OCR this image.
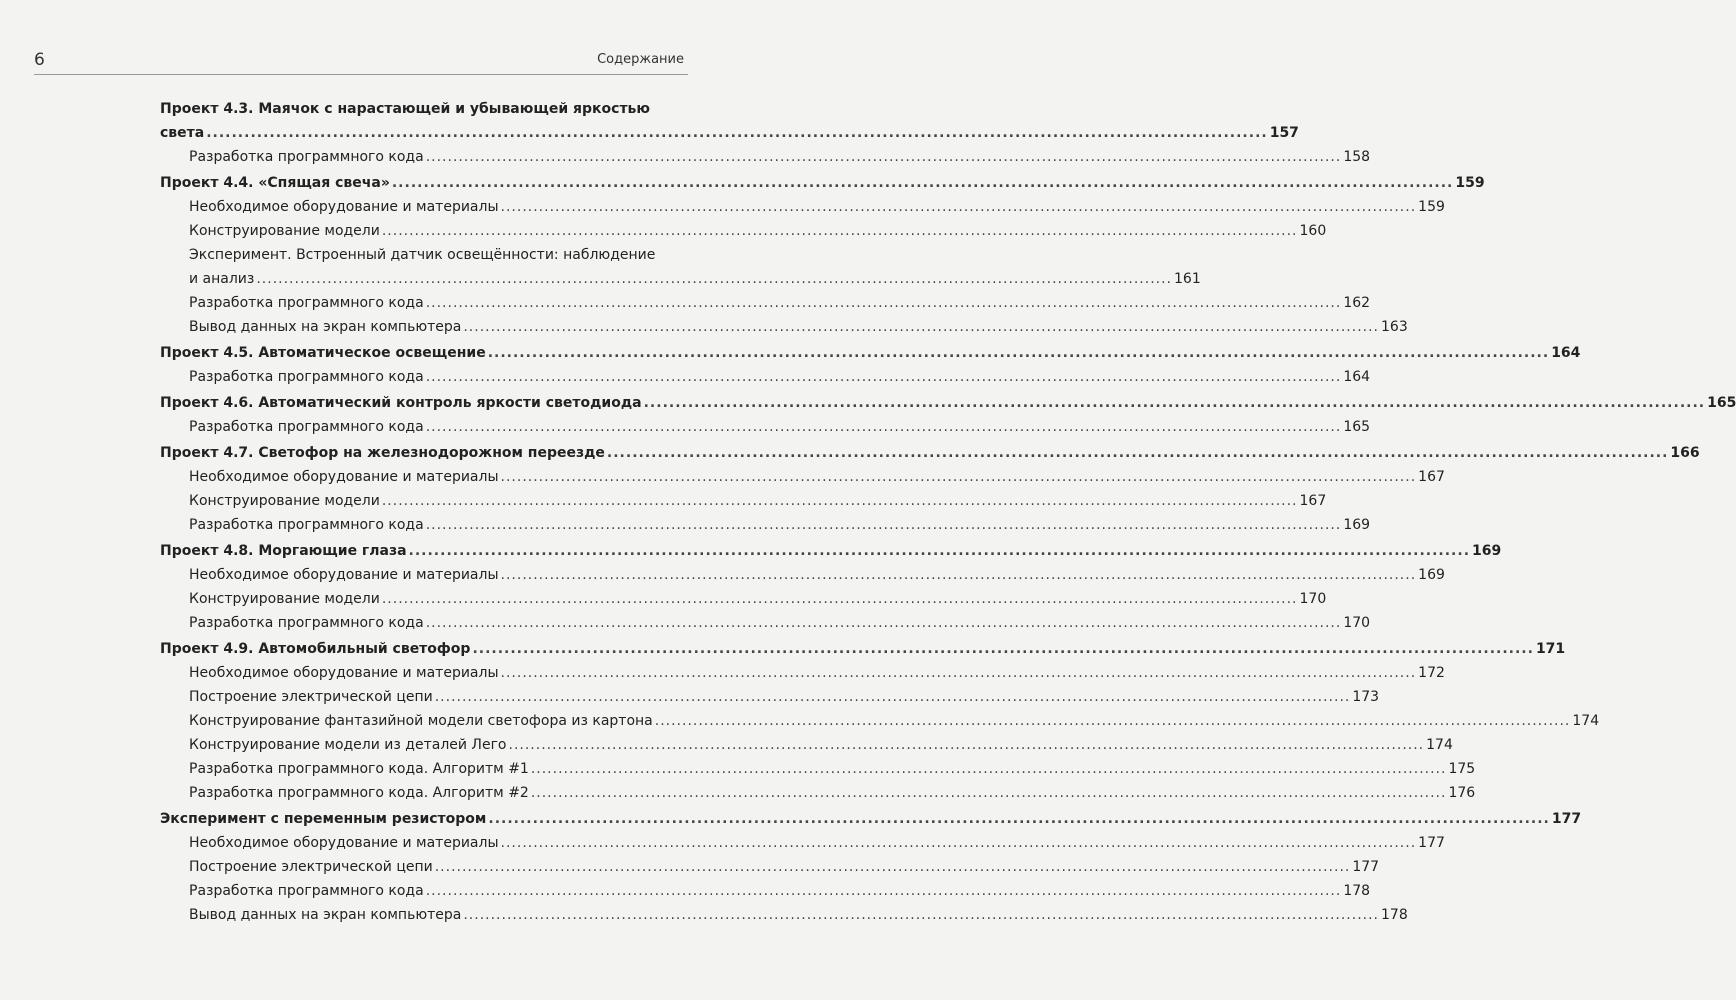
6	Содержание
Проект 4.3. Маячок с нарастающей и убывающей яркостью
света .....	157
Разработка программного кода .....	158
Проект 4.4. «Спящая свеча» .....	159
Необходимое оборудование и материалы .....	159
Конструирование модели .....	160
Эксперимент. Встроенный датчик освещённости: наблюдение
и анализ .....	161
Разработка программного кода .....	162
Вывод данных на экран компьютера .....	163
Проект 4.5. Автоматическое освещение .....	164
Разработка программного кода .....	164
Проект 4.6. Автоматический контроль яркости светодиода .....	165
Разработка программного кода .....	165
Проект 4.7. Светофор на железнодорожном переезде .....	166
Необходимое оборудование и материалы .....	167
Конструирование модели .....	167
Разработка программного кода .....	169
Проект 4.8. Моргающие глаза .....	169
Необходимое оборудование и материалы .....	169
Конструирование модели .....	170
Разработка программного кода .....	170
Проект 4.9. Автомобильный светофор .....	171
Необходимое оборудование и материалы .....	172
Построение электрической цепи .....	173
Конструирование фантазийной модели светофора из картона .....	174
Конструирование модели из деталей Лего .....	174
Разработка программного кода. Алгоритм #1 .....	175
Разработка программного кода. Алгоритм #2 .....	176
Эксперимент с переменным резистором .....	177
Необходимое оборудование и материалы .....	177
Построение электрической цепи .....	177
Разработка программного кода .....	178
Вывод данных на экран компьютера .....	178
